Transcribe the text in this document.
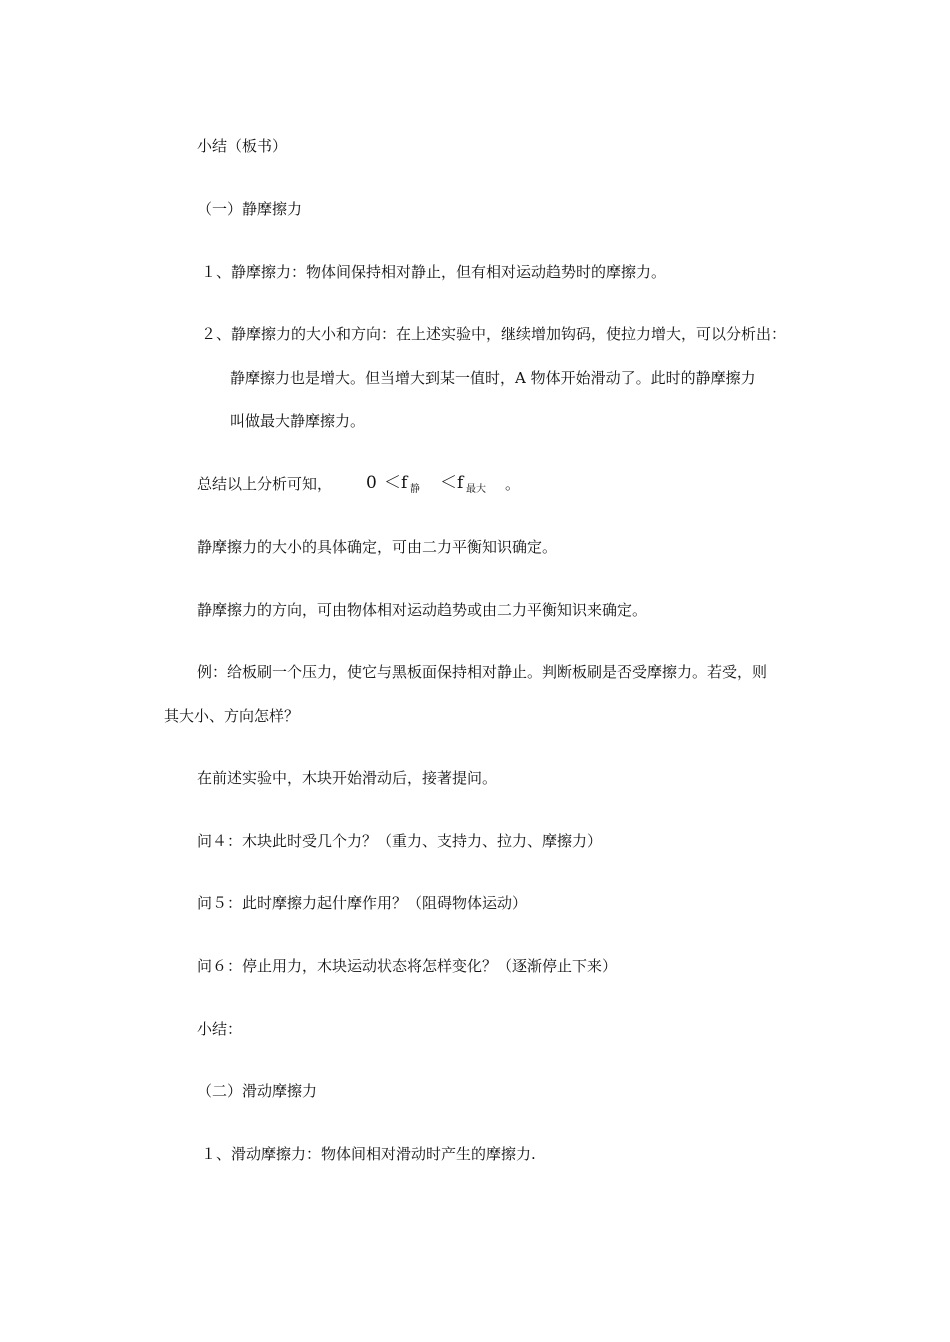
小结（板书）
（一）静摩擦力
１、静摩擦力：物体间保持相对静止，但有相对运动趋势时的摩擦力。
２、静摩擦力的大小和方向：在上述实验中，继续增加钩码，使拉力增大，可以分析出：
静摩擦力也是增大。但当增大到某一值时，A 物体开始滑动了。此时的静摩擦力
叫做最大静摩擦力。
总结以上分析可知， 0 ＜f 静 ＜f 最大 。
静摩擦力的大小的具体确定，可由二力平衡知识确定。
静摩擦力的方向，可由物体相对运动趋势或由二力平衡知识来确定。
例：给板刷一个压力，使它与黑板面保持相对静止。判断板刷是否受摩擦力。若受，则
其大小、方向怎样？
在前述实验中，木块开始滑动后，接著提问。
问４：木块此时受几个力？（重力、支持力、拉力、摩擦力）
问５：此时摩擦力起什摩作用？（阻碍物体运动）
问６：停止用力，木块运动状态将怎样变化？（逐渐停止下来）
小结：
（二）滑动摩擦力
１、滑动摩擦力：物体间相对滑动时产生的摩擦力.
